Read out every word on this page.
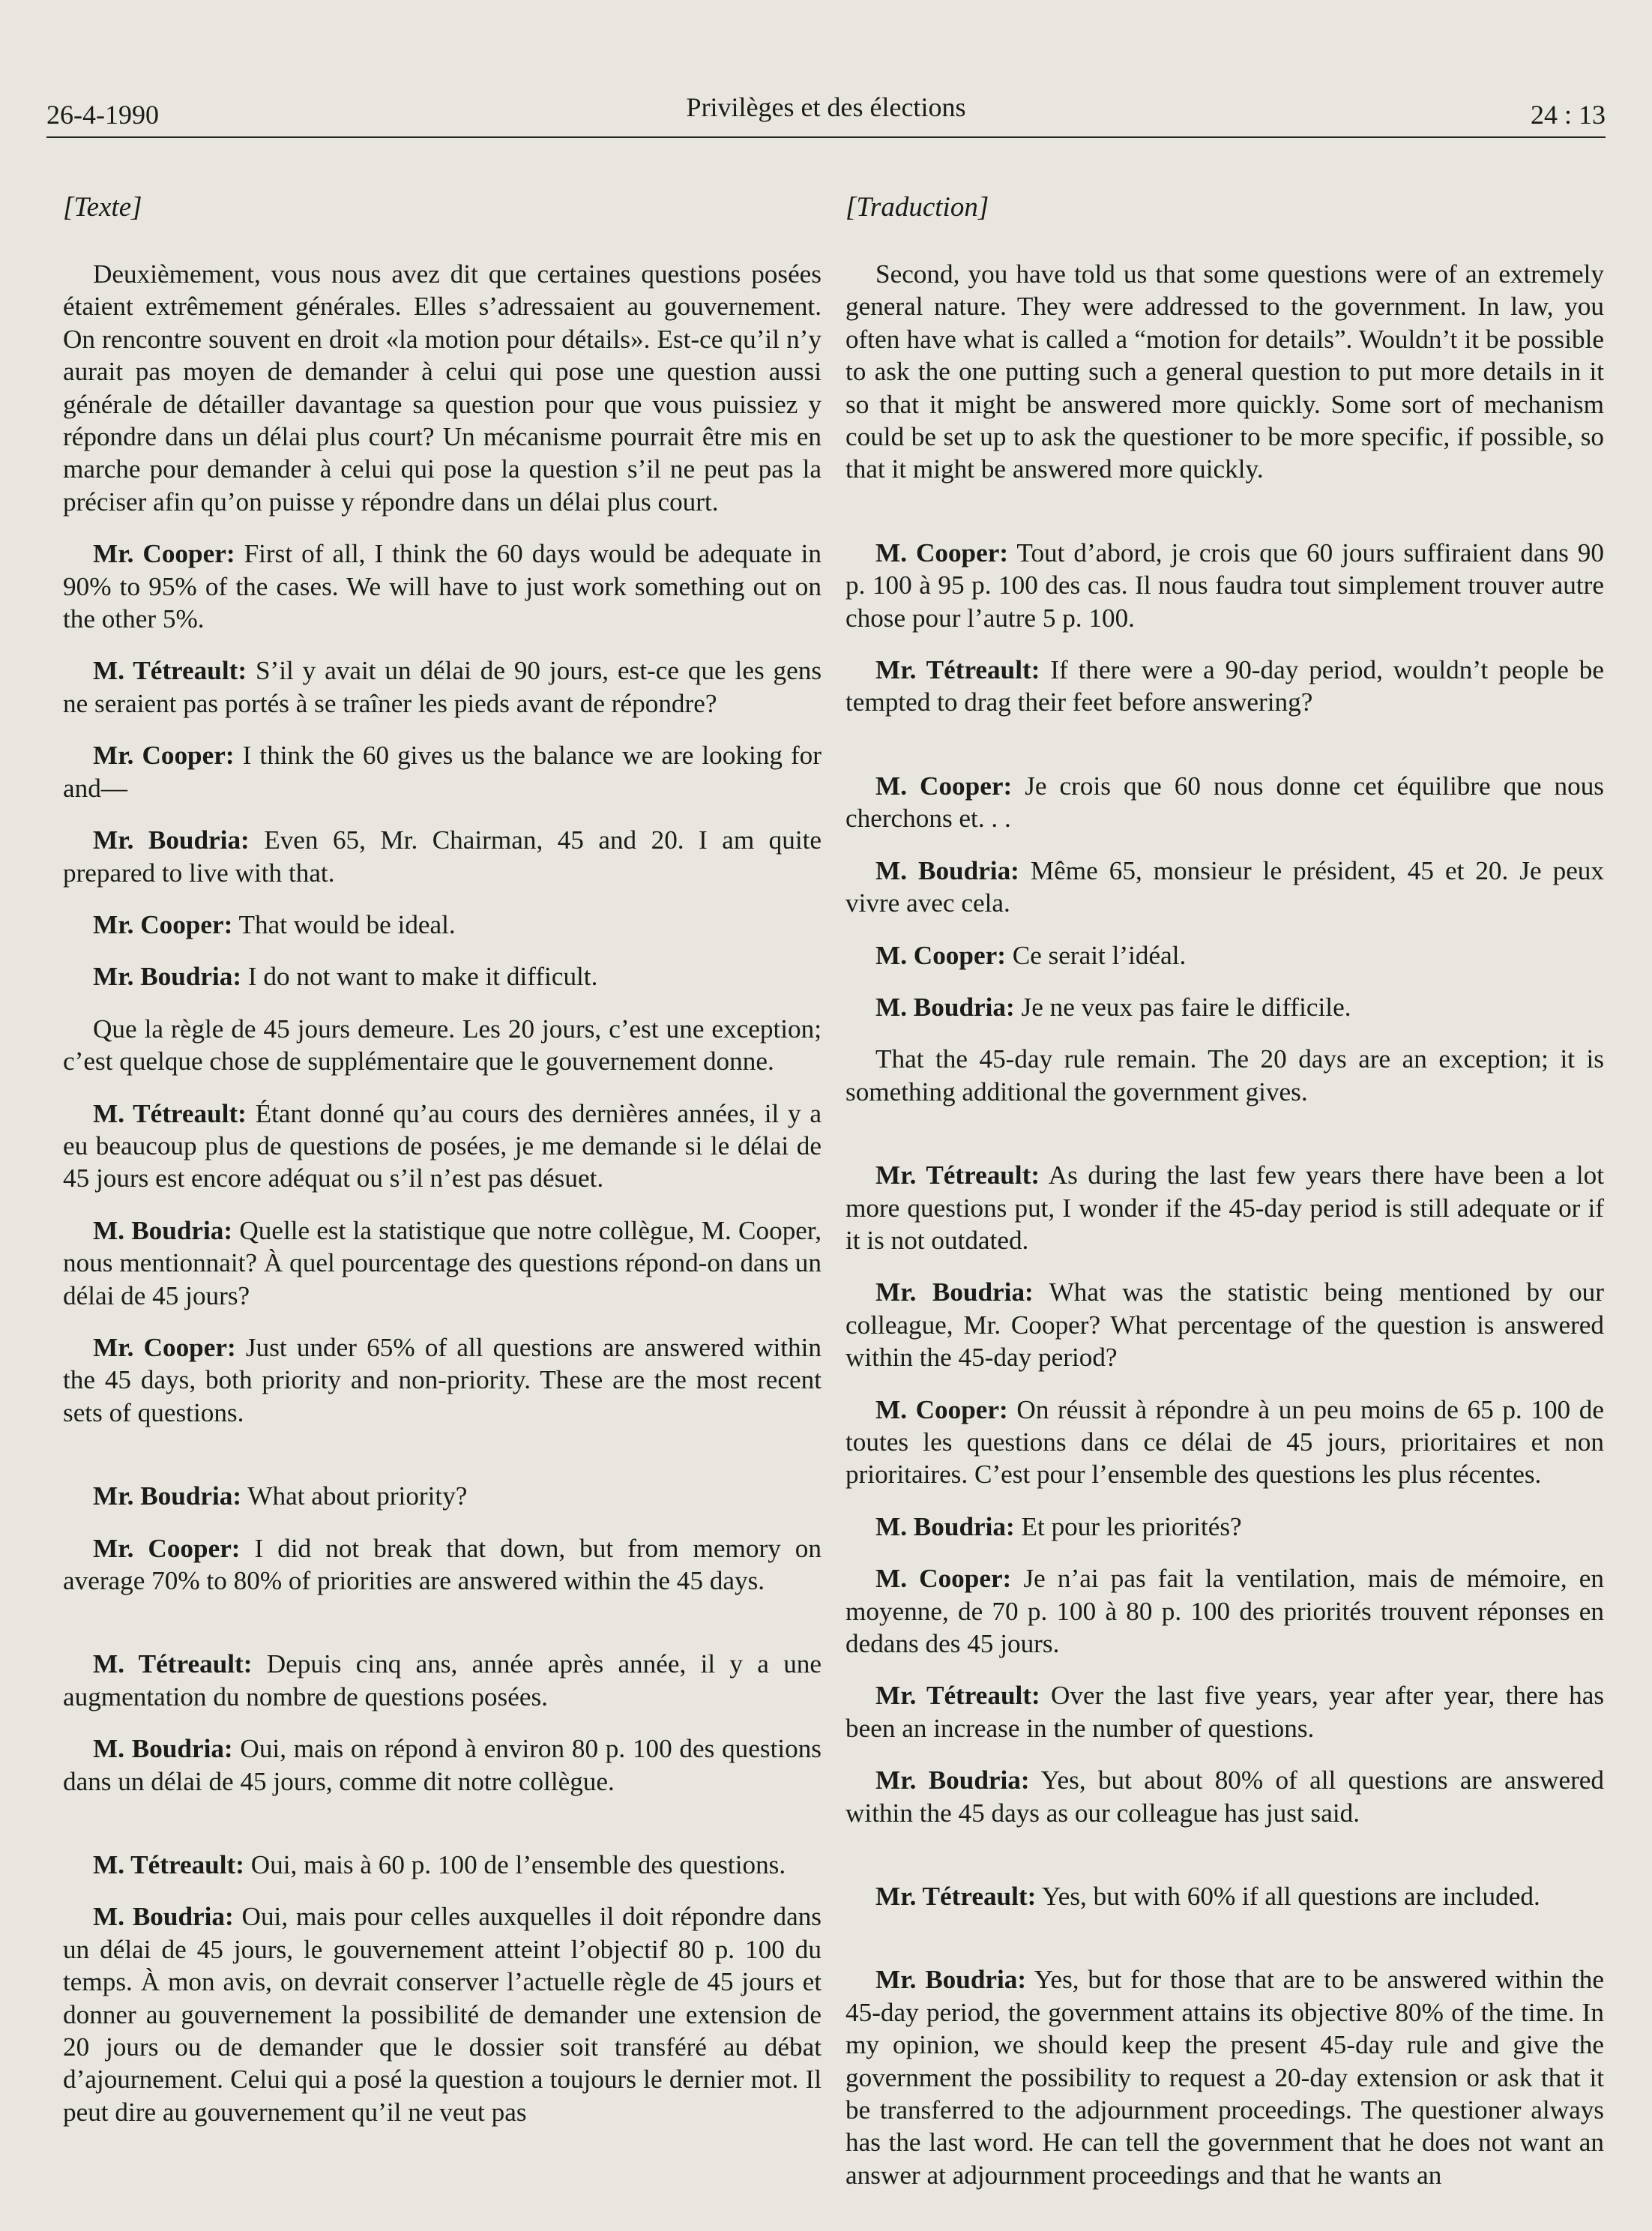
26-4-1990	Privilèges et des élections	24 : 13
[Texte]

Deuxièmement, vous nous avez dit que certaines questions posées étaient extrêmement générales. Elles s’adressaient au gouvernement. On rencontre souvent en droit «la motion pour détails». Est-ce qu’il n’y aurait pas moyen de demander à celui qui pose une question aussi générale de détailler davantage sa question pour que vous puissiez y répondre dans un délai plus court? Un mécanisme pourrait être mis en marche pour demander à celui qui pose la question s’il ne peut pas la préciser afin qu’on puisse y répondre dans un délai plus court.

Mr. Cooper: First of all, I think the 60 days would be adequate in 90% to 95% of the cases. We will have to just work something out on the other 5%.

M. Tétreault: S’il y avait un délai de 90 jours, est-ce que les gens ne seraient pas portés à se traîner les pieds avant de répondre?

Mr. Cooper: I think the 60 gives us the balance we are looking for and—

Mr. Boudria: Even 65, Mr. Chairman, 45 and 20. I am quite prepared to live with that.

Mr. Cooper: That would be ideal.

Mr. Boudria: I do not want to make it difficult.

Que la règle de 45 jours demeure. Les 20 jours, c’est une exception; c’est quelque chose de supplémentaire que le gouvernement donne.

M. Tétreault: Étant donné qu’au cours des dernières années, il y a eu beaucoup plus de questions de posées, je me demande si le délai de 45 jours est encore adéquat ou s’il n’est pas désuet.

M. Boudria: Quelle est la statistique que notre collègue, M. Cooper, nous mentionnait? À quel pourcentage des questions répond-on dans un délai de 45 jours?

Mr. Cooper: Just under 65% of all questions are answered within the 45 days, both priority and non-priority. These are the most recent sets of questions.

Mr. Boudria: What about priority?

Mr. Cooper: I did not break that down, but from memory on average 70% to 80% of priorities are answered within the 45 days.

M. Tétreault: Depuis cinq ans, année après année, il y a une augmentation du nombre de questions posées.

M. Boudria: Oui, mais on répond à environ 80 p. 100 des questions dans un délai de 45 jours, comme dit notre collègue.

M. Tétreault: Oui, mais à 60 p. 100 de l’ensemble des questions.

M. Boudria: Oui, mais pour celles auxquelles il doit répondre dans un délai de 45 jours, le gouvernement atteint l’objectif 80 p. 100 du temps. À mon avis, on devrait conserver l’actuelle règle de 45 jours et donner au gouvernement la possibilité de demander une extension de 20 jours ou de demander que le dossier soit transféré au débat d’ajournement. Celui qui a posé la question a toujours le dernier mot. Il peut dire au gouvernement qu’il ne veut pas

[Traduction]

Second, you have told us that some questions were of an extremely general nature. They were addressed to the government. In law, you often have what is called a “motion for details”. Wouldn’t it be possible to ask the one putting such a general question to put more details in it so that it might be answered more quickly. Some sort of mechanism could be set up to ask the questioner to be more specific, if possible, so that it might be answered more quickly.

M. Cooper: Tout d’abord, je crois que 60 jours suffiraient dans 90 p. 100 à 95 p. 100 des cas. Il nous faudra tout simplement trouver autre chose pour l’autre 5 p. 100.

Mr. Tétreault: If there were a 90-day period, wouldn’t people be tempted to drag their feet before answering?

M. Cooper: Je crois que 60 nous donne cet équilibre que nous cherchons et. . .

M. Boudria: Même 65, monsieur le président, 45 et 20. Je peux vivre avec cela.

M. Cooper: Ce serait l’idéal.

M. Boudria: Je ne veux pas faire le difficile.

That the 45-day rule remain. The 20 days are an exception; it is something additional the government gives.

Mr. Tétreault: As during the last few years there have been a lot more questions put, I wonder if the 45-day period is still adequate or if it is not outdated.

Mr. Boudria: What was the statistic being mentioned by our colleague, Mr. Cooper? What percentage of the question is answered within the 45-day period?

M. Cooper: On réussit à répondre à un peu moins de 65 p. 100 de toutes les questions dans ce délai de 45 jours, prioritaires et non prioritaires. C’est pour l’ensemble des questions les plus récentes.

M. Boudria: Et pour les priorités?

M. Cooper: Je n’ai pas fait la ventilation, mais de mémoire, en moyenne, de 70 p. 100 à 80 p. 100 des priorités trouvent réponses en dedans des 45 jours.

Mr. Tétreault: Over the last five years, year after year, there has been an increase in the number of questions.

Mr. Boudria: Yes, but about 80% of all questions are answered within the 45 days as our colleague has just said.

Mr. Tétreault: Yes, but with 60% if all questions are included.

Mr. Boudria: Yes, but for those that are to be answered within the 45-day period, the government attains its objective 80% of the time. In my opinion, we should keep the present 45-day rule and give the government the possibility to request a 20-day extension or ask that it be transferred to the adjournment proceedings. The questioner always has the last word. He can tell the government that he does not want an answer at adjournment proceedings and that he wants an
